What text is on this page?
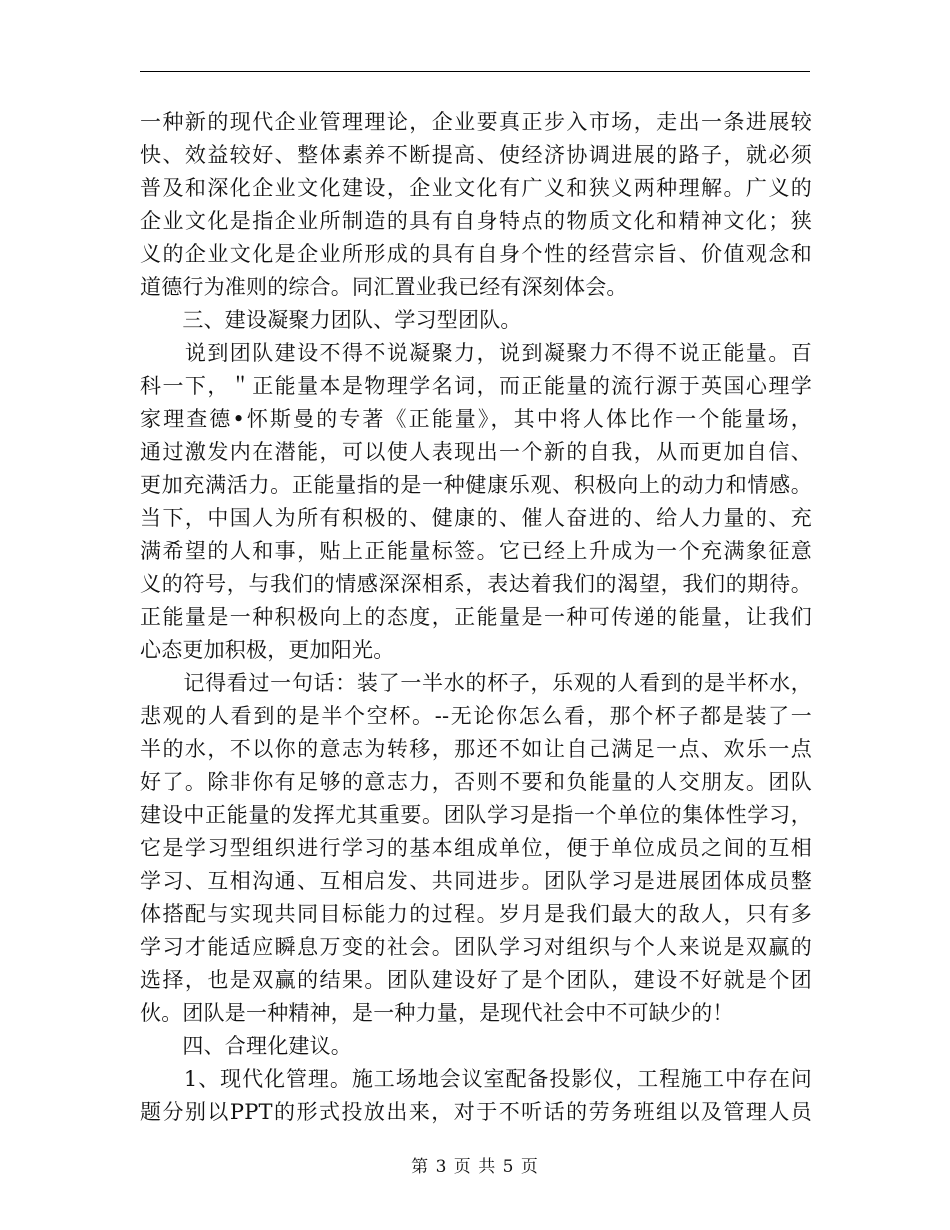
一种新的现代企业管理理论，企业要真正步入市场，走出一条进展较
快、效益较好、整体素养不断提高、使经济协调进展的路子，就必须
普及和深化企业文化建设，企业文化有广义和狭义两种理解。广义的
企业文化是指企业所制造的具有自身特点的物质文化和精神文化；狭
义的企业文化是企业所形成的具有自身个性的经营宗旨、价值观念和
道德行为准则的综合。同汇置业我已经有深刻体会。
　　三、建设凝聚力团队、学习型团队。
　　说到团队建设不得不说凝聚力，说到凝聚力不得不说正能量。百
科一下，＂正能量本是物理学名词，而正能量的流行源于英国心理学
家理查德•怀斯曼的专著《正能量》，其中将人体比作一个能量场，
通过激发内在潜能，可以使人表现出一个新的自我，从而更加自信、
更加充满活力。正能量指的是一种健康乐观、积极向上的动力和情感。
当下，中国人为所有积极的、健康的、催人奋进的、给人力量的、充
满希望的人和事，贴上正能量标签。它已经上升成为一个充满象征意
义的符号，与我们的情感深深相系，表达着我们的渴望，我们的期待。
正能量是一种积极向上的态度，正能量是一种可传递的能量，让我们
心态更加积极，更加阳光。
　　记得看过一句话：装了一半水的杯子，乐观的人看到的是半杯水，
悲观的人看到的是半个空杯。--无论你怎么看，那个杯子都是装了一
半的水，不以你的意志为转移，那还不如让自己满足一点、欢乐一点
好了。除非你有足够的意志力，否则不要和负能量的人交朋友。团队
建设中正能量的发挥尤其重要。团队学习是指一个单位的集体性学习，
它是学习型组织进行学习的基本组成单位，便于单位成员之间的互相
学习、互相沟通、互相启发、共同进步。团队学习是进展团体成员整
体搭配与实现共同目标能力的过程。岁月是我们最大的敌人，只有多
学习才能适应瞬息万变的社会。团队学习对组织与个人来说是双赢的
选择，也是双赢的结果。团队建设好了是个团队，建设不好就是个团
伙。团队是一种精神，是一种力量，是现代社会中不可缺少的！
　　四、合理化建议。
　　1、现代化管理。施工场地会议室配备投影仪，工程施工中存在问
题分别以PPT的形式投放出来，对于不听话的劳务班组以及管理人员
第 3 页 共 5 页
